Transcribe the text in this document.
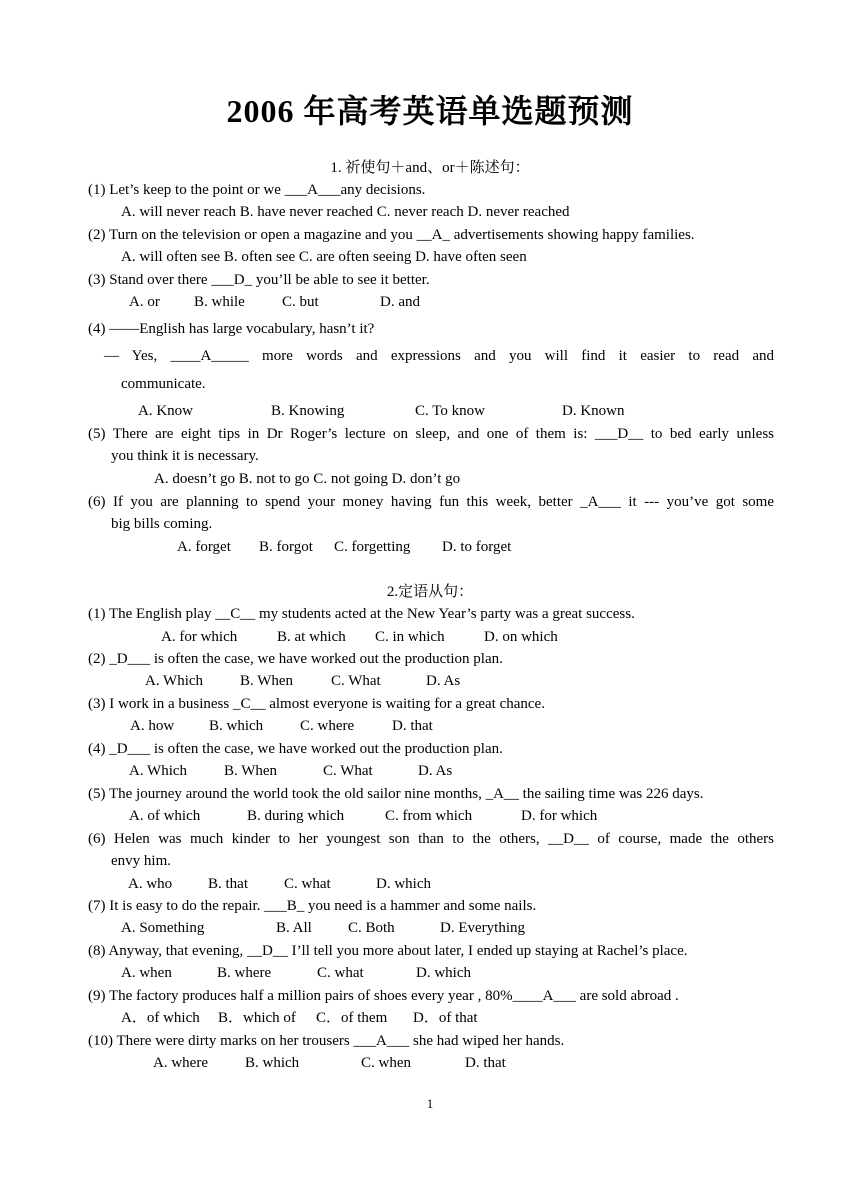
2006 年高考英语单选题预测
1. 祈使句＋and、or＋陈述句：
(1) Let’s keep to the point or we ___A___any decisions.
A. will never reach B. have never reached C. never reach D. never reached
(2) Turn on the television or open a magazine and you __A_ advertisements showing happy families.
A. will often see B. often see C. are often seeing D. have often seen
(3) Stand over there ___D_ you’ll be able to see it better.
A. or B. while C. but	D. and
(4) ——English has large vocabulary, hasn’t it?
— Yes, ____A_____ more words and expressions and you will find it easier to read and
communicate.
A. Know	B. Knowing	C. To know	D. Known
(5) There are eight tips in Dr Roger’s lecture on sleep, and one of them is: ___D__ to bed early unless
you think it is necessary.
A. doesn’t go B. not to go C. not going D. don’t go
(6) If you are planning to spend your money having fun this week, better _A___ it --- you’ve got some
big bills coming.
A. forget B. forgot C. forgetting D. to forget
2.定语从句：
(1) The English play __C__ my students acted at the New Year’s party was a great success.
A. for which	B. at which C. in which	D. on which
(2) _D___ is often the case, we have worked out the production plan.
A. Which B. When	C. What	D. As
(3) I work in a business _C__ almost everyone is waiting for a great chance.
A. how B. which C. where	D. that
(4) _D___ is often the case, we have worked out the production plan.
A. Which B. When	C. What	D. As
(5) The journey around the world took the old sailor nine months, _A__ the sailing time was 226 days.
A. of which	B. during which	C. from which	D. for which
(6) Helen was much kinder to her youngest son than to the others, __D__ of course, made the others
envy him.
A. who B. that C. what	D. which
(7) It is easy to do the repair. ___B_ you need is a hammer and some nails.
A. Something	B. All C. Both	D. Everything
(8) Anyway, that evening, __D__ I’ll tell you more about later, I ended up staying at Rachel’s place.
A. when	B. where	C. what	D. which
(9) The factory produces half a million pairs of shoes every year , 80%____A___ are sold abroad .
A．of which B．which of C．of them D．of that
(10) There were dirty marks on her trousers ___A___ she had wiped her hands.
A. where B. which	C. when	D. that
1
